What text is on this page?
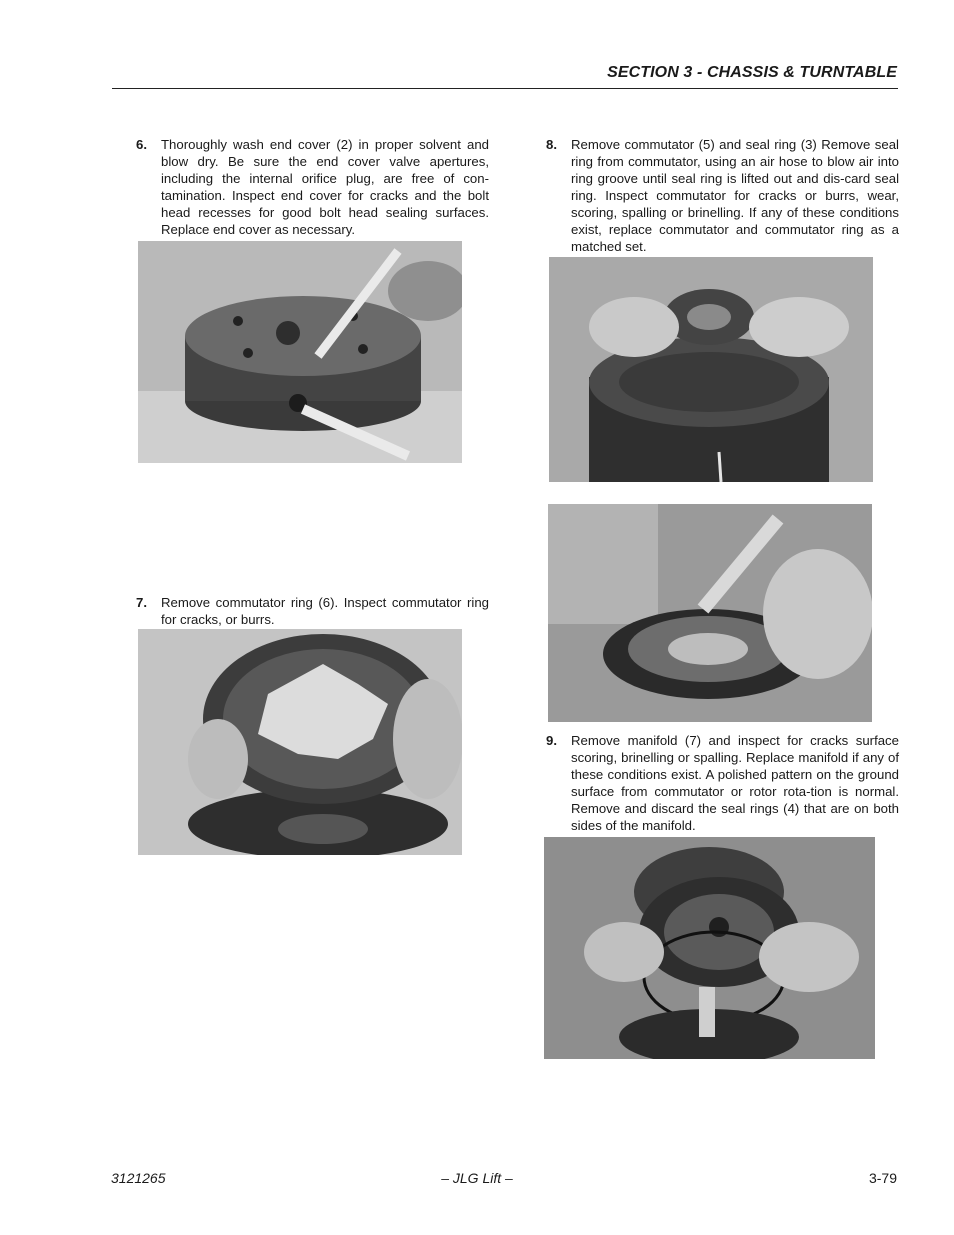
SECTION 3 - CHASSIS & TURNTABLE
6. Thoroughly wash end cover (2) in proper solvent and blow dry. Be sure the end cover valve apertures, including the internal orifice plug, are free of con-tamination. Inspect end cover for cracks and the bolt head recesses for good bolt head sealing surfaces. Replace end cover as necessary.
7. Remove commutator ring (6). Inspect commutator ring for cracks, or burrs.
8. Remove commutator (5) and seal ring (3) Remove seal ring from commutator, using an air hose to blow air into ring groove until seal ring is lifted out and dis-card seal ring. Inspect commutator for cracks or burrs, wear, scoring, spalling or brinelling. If any of these conditions exist, replace commutator and commutator ring as a matched set.
9. Remove manifold (7) and inspect for cracks surface scoring, brinelling or spalling. Replace manifold if any of these conditions exist. A polished pattern on the ground surface from commutator or rotor rota-tion is normal. Remove and discard the seal rings (4) that are on both sides of the manifold.
3121265	– JLG Lift –	3-79
